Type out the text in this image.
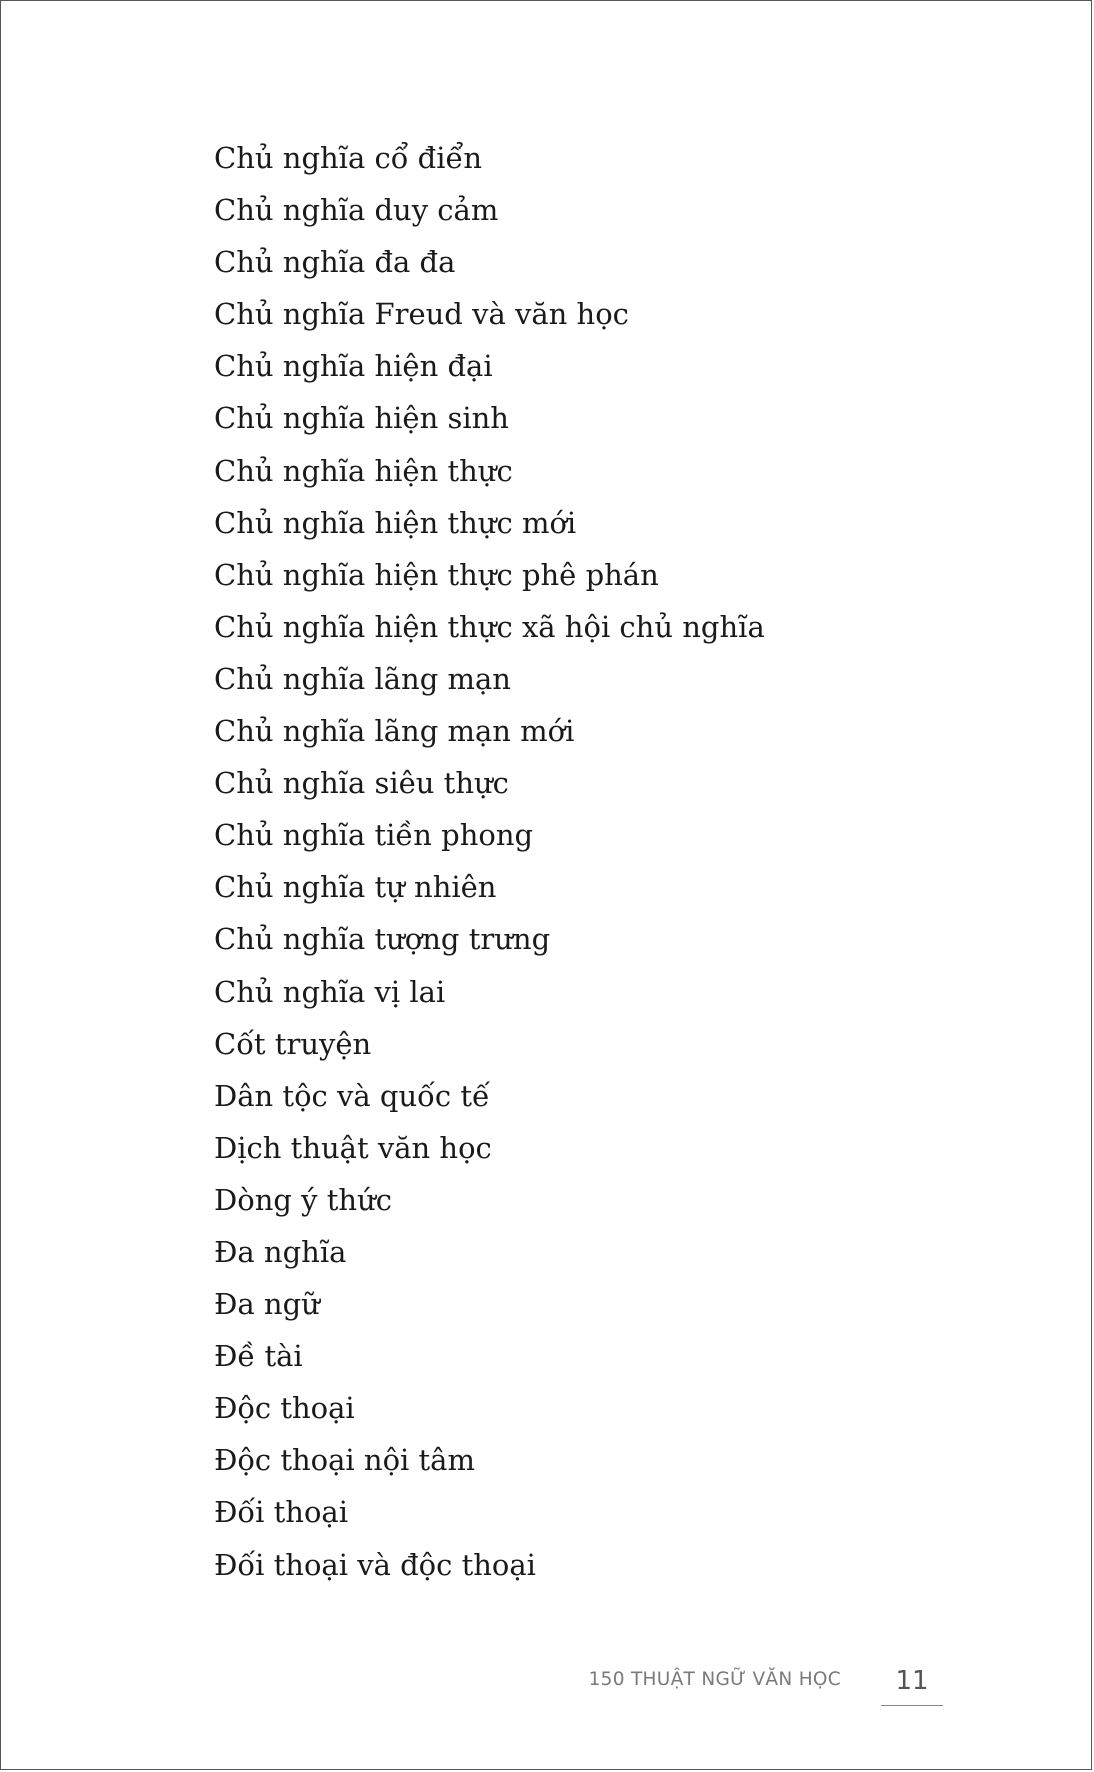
Chủ nghĩa cổ điển
Chủ nghĩa duy cảm
Chủ nghĩa đa đa
Chủ nghĩa Freud và văn học
Chủ nghĩa hiện đại
Chủ nghĩa hiện sinh
Chủ nghĩa hiện thực
Chủ nghĩa hiện thực mới
Chủ nghĩa hiện thực phê phán
Chủ nghĩa hiện thực xã hội chủ nghĩa
Chủ nghĩa lãng mạn
Chủ nghĩa lãng mạn mới
Chủ nghĩa siêu thực
Chủ nghĩa tiền phong
Chủ nghĩa tự nhiên
Chủ nghĩa tượng trưng
Chủ nghĩa vị lai
Cốt truyện
Dân tộc và quốc tế
Dịch thuật văn học
Dòng ý thức
Đa nghĩa
Đa ngữ
Đề tài
Độc thoại
Độc thoại nội tâm
Đối thoại
Đối thoại và độc thoại
150 THUẬT NGỮ VĂN HỌC	11
